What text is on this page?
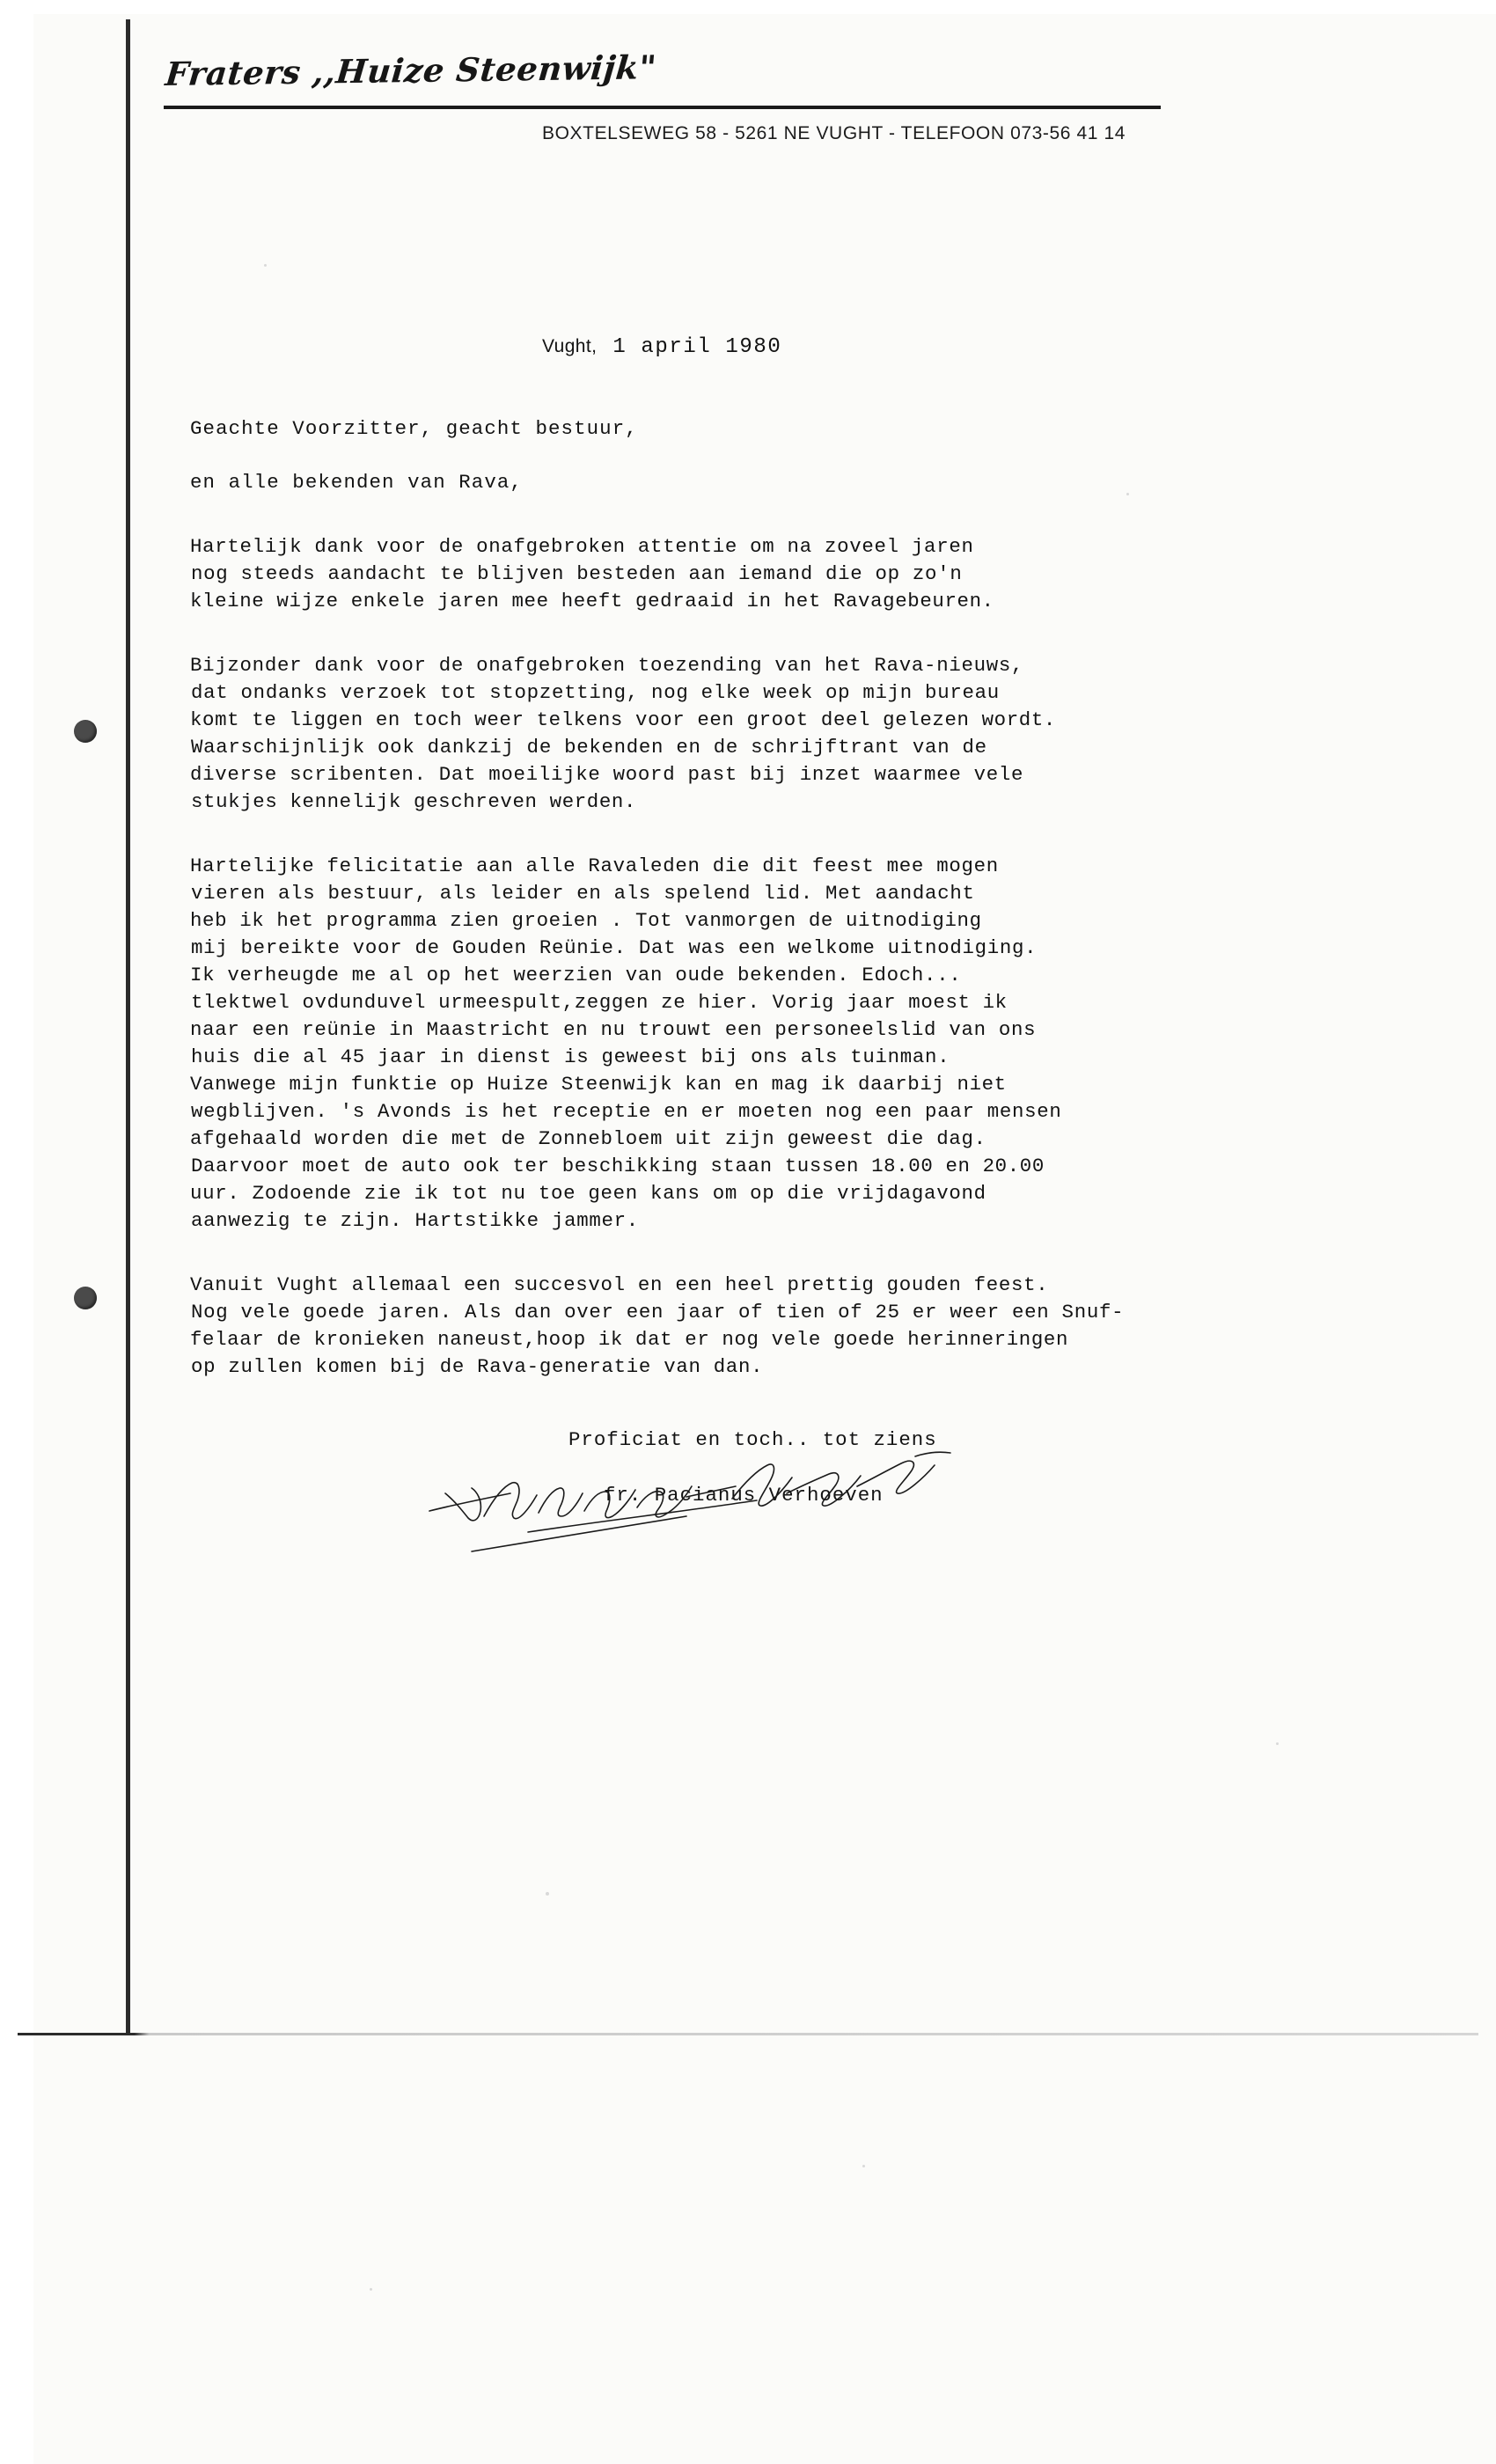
Fraters ,,Huize Steenwijk"
BOXTELSEWEG 58 - 5261 NE VUGHT - TELEFOON 073-56 41 14
Vught, 1 april 1980
Geachte Voorzitter, geacht bestuur,
en alle bekenden van Rava,
Hartelijk dank voor de onafgebroken attentie om na zoveel jaren
nog steeds aandacht te blijven besteden aan iemand die op zo'n
kleine wijze enkele jaren mee heeft gedraaid in het Ravagebeuren.
Bijzonder dank voor de onafgebroken toezending van het Rava-nieuws,
dat ondanks verzoek tot stopzetting, nog elke week op mijn bureau
komt te liggen en toch weer telkens voor een groot deel gelezen wordt.
Waarschijnlijk ook dankzij de bekenden en de schrijftrant van de
diverse scribenten. Dat moeilijke woord past bij inzet waarmee vele
stukjes kennelijk geschreven werden.
Hartelijke felicitatie aan alle Ravaleden die dit feest mee mogen
vieren als bestuur, als leider en als spelend lid. Met aandacht
heb ik het programma zien groeien . Tot vanmorgen de uitnodiging
mij bereikte voor de Gouden Reünie. Dat was een welkome uitnodiging.
Ik verheugde me al op het weerzien van oude bekenden. Edoch...
tlektwel ovdunduvel urmeespult,zeggen ze hier. Vorig jaar moest ik
naar een reünie in Maastricht en nu trouwt een personeelslid van ons
huis die al 45 jaar in dienst is geweest bij ons als tuinman.
Vanwege mijn funktie op Huize Steenwijk kan en mag ik daarbij niet
wegblijven. 's Avonds is het receptie en er moeten nog een paar mensen
afgehaald worden die met de Zonnebloem uit zijn geweest die dag.
Daarvoor moet de auto ook ter beschikking staan tussen 18.00 en 20.00
uur. Zodoende zie ik tot nu toe geen kans om op die vrijdagavond
aanwezig te zijn. Hartstikke jammer.
Vanuit Vught allemaal een succesvol en een heel prettig gouden feest.
Nog vele goede jaren. Als dan over een jaar of tien of 25 er weer een Snuf-
felaar de kronieken naneust,hoop ik dat er nog vele goede herinneringen
op zullen komen bij de Rava-generatie van dan.
Proficiat en toch.. tot ziens
fr. Pacianus Verhoeven
